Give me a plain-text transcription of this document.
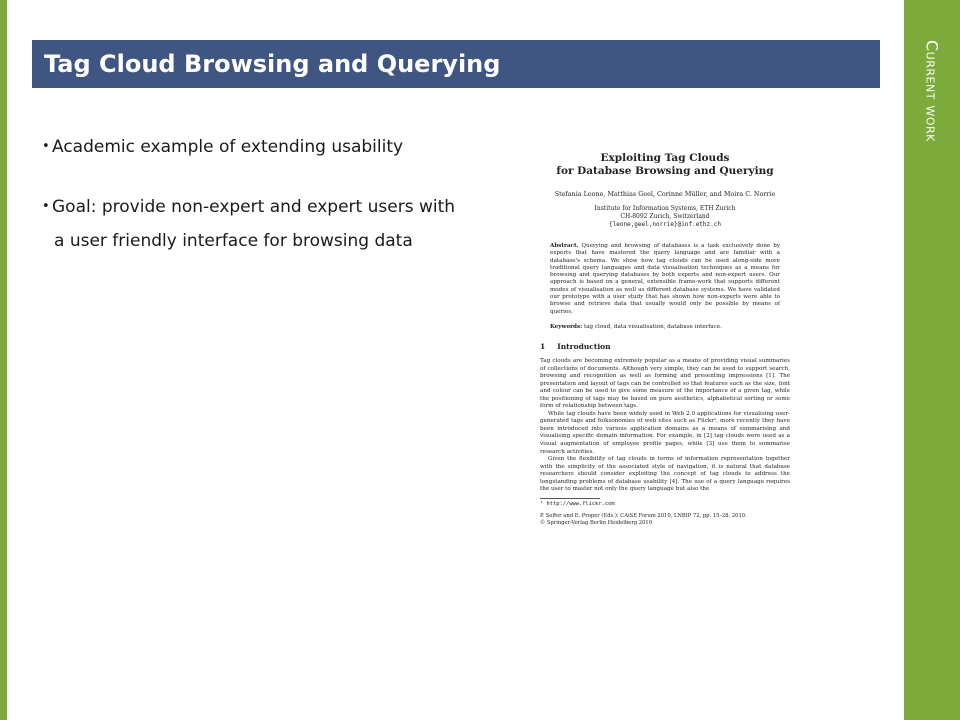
Current work
Tag Cloud Browsing and Querying
• Academic example of extending usability
• Goal: provide non-expert and expert users with
a user friendly interface for browsing data
Exploiting Tag Clouds
for Database Browsing and Querying
Stefania Leone, Matthias Geel, Corinne Müller, and Moira C. Norrie
Institute for Information Systems, ETH Zurich
CH-8092 Zurich, Switzerland
{leone,geel,norrie}@inf.ethz.ch
Abstract. Querying and browsing of databases is a task exclusively done by experts that have mastered the query language and are familiar with a database's schema. We show how tag clouds can be used along-side more traditional query languages and data visualisation techniques as a means for browsing and querying databases by both experts and non-expert users. Our approach is based on a general, extensible frame-work that supports different modes of visualisation as well as different database systems. We have validated our prototype with a user study that has shown how non-experts were able to browse and retrieve data that usually would only be possible by means of queries.
Keywords: tag cloud, data visualisation, database interface.
1 Introduction
Tag clouds are becoming extremely popular as a means of providing visual summaries of collections of documents. Although very simple, they can be used to support search, browsing and recognition as well as forming and presenting impressions [1]. The presentation and layout of tags can be controlled so that features such as the size, font and colour can be used to give some measure of the importance of a given tag, while the positioning of tags may be based on pure aesthetics, alphabetical sorting or some form of relationship between tags.
While tag clouds have been widely used in Web 2.0 applications for visualising user-generated tags and folksonomies of web sites such as Flickr¹, more recently they have been introduced into various application domains as a means of summarising and visualising specific domain information. For example, in [2] tag clouds were used as a visual augmentation of employee profile pages, while [3] use them to summarise research activities.
Given the flexibility of tag clouds in terms of information representation together with the simplicity of the associated style of navigation, it is natural that database researchers should consider exploiting the concept of tag clouds to address the longstanding problems of database usability [4]. The use of a query language requires the user to master not only the query language but also the
¹ http://www.flickr.com
P. Soffer and E. Proper (Eds.): CAiSE Forum 2010, LNBIP 72, pp. 15–28, 2010.
© Springer-Verlag Berlin Heidelberg 2010
